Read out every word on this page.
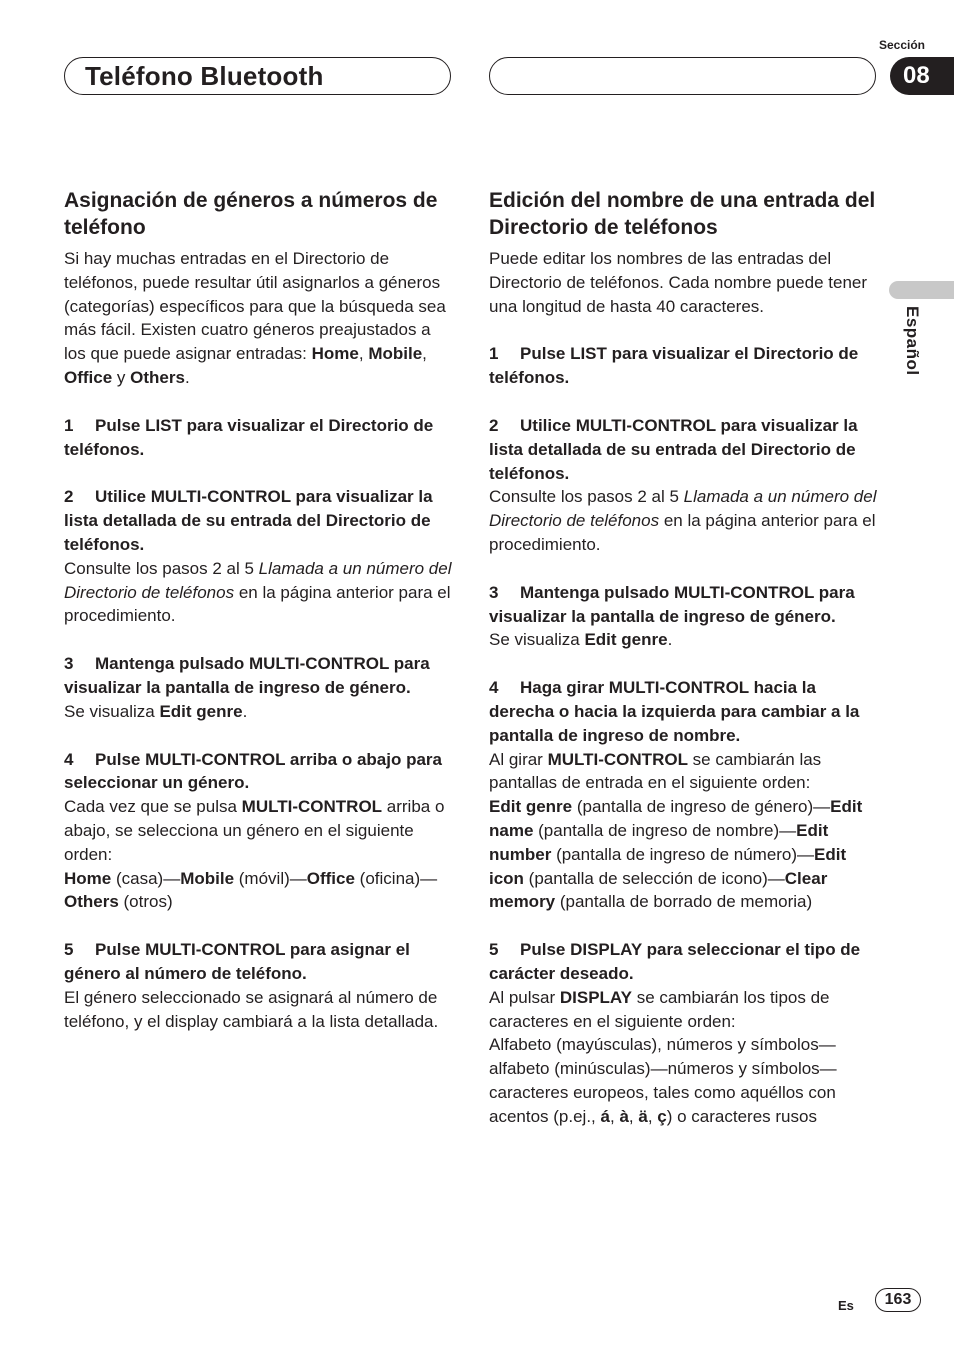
Teléfono Bluetooth
Sección
08
Español
Asignación de géneros a números de teléfono

Si hay muchas entradas en el Directorio de teléfonos, puede resultar útil asignarlos a géneros (categorías) específicos para que la búsqueda sea más fácil. Existen cuatro géneros preajustados a los que puede asignar entradas: Home, Mobile, Office y Others.

1 Pulse LIST para visualizar el Directorio de teléfonos.

2 Utilice MULTI-CONTROL para visualizar la lista detallada de su entrada del Directorio de teléfonos.

Consulte los pasos 2 al 5 Llamada a un número del Directorio de teléfonos en la página anterior para el procedimiento.

3 Mantenga pulsado MULTI-CONTROL para visualizar la pantalla de ingreso de género.

Se visualiza Edit genre.

4 Pulse MULTI-CONTROL arriba o abajo para seleccionar un género.

Cada vez que se pulsa MULTI-CONTROL arriba o abajo, se selecciona un género en el siguiente orden:

Home (casa)—Mobile (móvil)—Office (oficina)—Others (otros)

5 Pulse MULTI-CONTROL para asignar el género al número de teléfono.

El género seleccionado se asignará al número de teléfono, y el display cambiará a la lista detallada.

Edición del nombre de una entrada del Directorio de teléfonos

Puede editar los nombres de las entradas del Directorio de teléfonos. Cada nombre puede tener una longitud de hasta 40 caracteres.

1 Pulse LIST para visualizar el Directorio de teléfonos.

2 Utilice MULTI-CONTROL para visualizar la lista detallada de su entrada del Directorio de teléfonos.

Consulte los pasos 2 al 5 Llamada a un número del Directorio de teléfonos en la página anterior para el procedimiento.

3 Mantenga pulsado MULTI-CONTROL para visualizar la pantalla de ingreso de género.

Se visualiza Edit genre.

4 Haga girar MULTI-CONTROL hacia la derecha o hacia la izquierda para cambiar a la pantalla de ingreso de nombre.

Al girar MULTI-CONTROL se cambiarán las pantallas de entrada en el siguiente orden:

Edit genre (pantalla de ingreso de género)—Edit name (pantalla de ingreso de nombre)—Edit number (pantalla de ingreso de número)—Edit icon (pantalla de selección de icono)—Clear memory (pantalla de borrado de memoria)

5 Pulse DISPLAY para seleccionar el tipo de carácter deseado.

Al pulsar DISPLAY se cambiarán los tipos de caracteres en el siguiente orden:

Alfabeto (mayúsculas), números y símbolos—alfabeto (minúsculas)—números y símbolos—caracteres europeos, tales como aquéllos con acentos (p.ej., á, à, ä, ç) o caracteres rusos

Es	163
